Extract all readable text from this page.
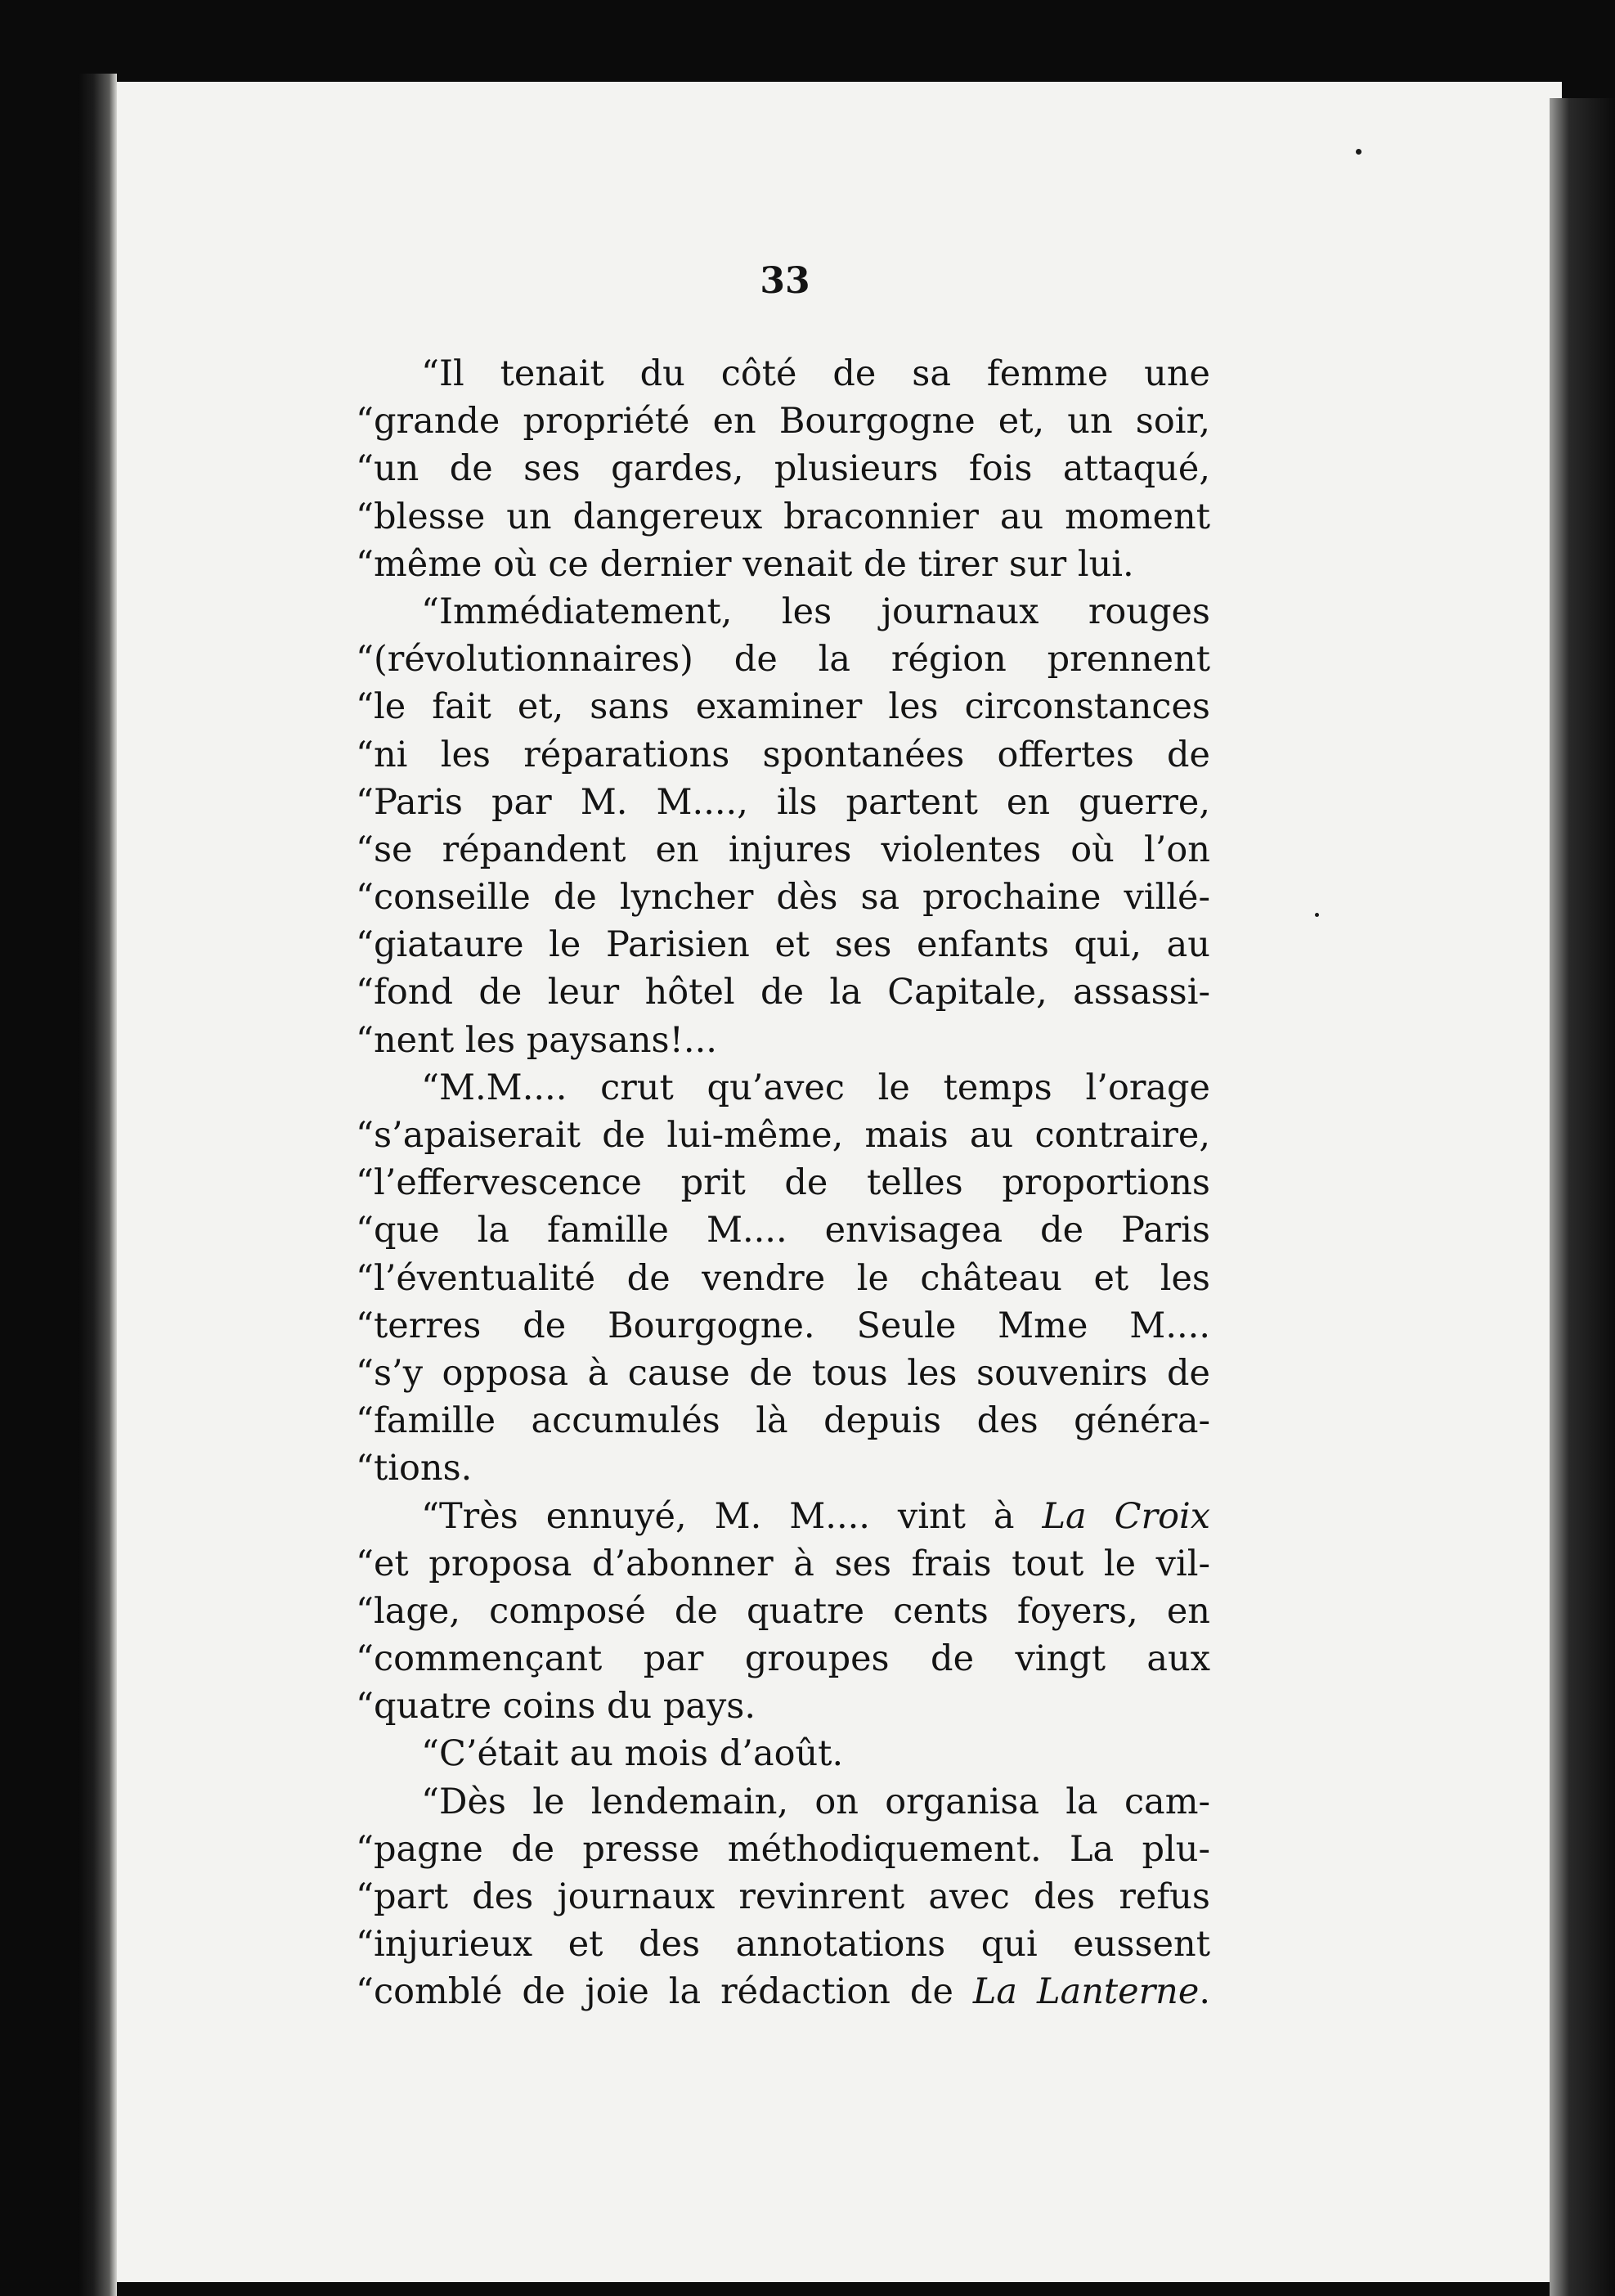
33
“Il tenait du côté de sa femme une
“grande propriété en Bourgogne et, un soir,
“un de ses gardes, plusieurs fois attaqué,
“blesse un dangereux braconnier au moment
“même où ce dernier venait de tirer sur lui.
“Immédiatement, les journaux rouges
“(révolutionnaires) de la région prennent
“le fait et, sans examiner les circonstances
“ni les réparations spontanées offertes de
“Paris par M. M...., ils partent en guerre,
“se répandent en injures violentes où l’on
“conseille de lyncher dès sa prochaine villé-
“giataure le Parisien et ses enfants qui, au
“fond de leur hôtel de la Capitale, assassi-
“nent les paysans!...
“M.M.... crut qu’avec le temps l’orage
“s’apaiserait de lui-même, mais au contraire,
“l’effervescence prit de telles proportions
“que la famille M.... envisagea de Paris
“l’éventualité de vendre le château et les
“terres de Bourgogne. Seule Mme M....
“s’y opposa à cause de tous les souvenirs de
“famille accumulés là depuis des généra-
“tions.
“Très ennuyé, M. M.... vint à La Croix
“et proposa d’abonner à ses frais tout le vil-
“lage, composé de quatre cents foyers, en
“commençant par groupes de vingt aux
“quatre coins du pays.
“C’était au mois d’août.
“Dès le lendemain, on organisa la cam-
“pagne de presse méthodiquement. La plu-
“part des journaux revinrent avec des refus
“injurieux et des annotations qui eussent
“comblé de joie la rédaction de La Lanterne.
